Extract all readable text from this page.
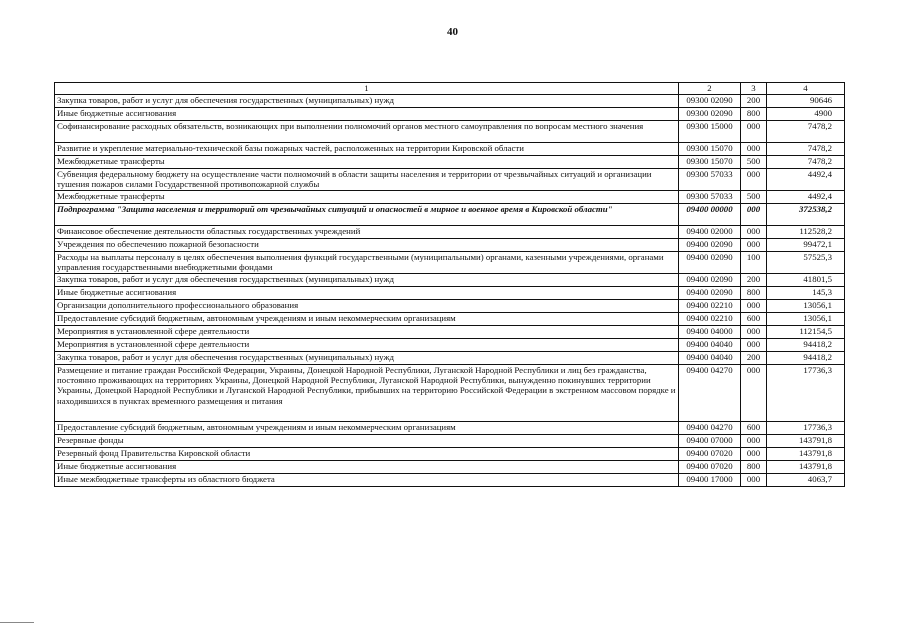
40
1	2	3	4
Закупка товаров, работ и услуг для обеспечения государственных (муниципальных) нужд	09300 02090	200	90646
Иные бюджетные ассигнования	09300 02090	800	4900
Софинансирование расходных обязательств, возникающих при выполнении полномочий органов местного самоуправления по вопросам местного значения	09300 15000	000	7478,2
Развитие и укрепление материально-технической базы пожарных частей, расположенных на территории Кировской области	09300 15070	000	7478,2
Межбюджетные трансферты	09300 15070	500	7478,2
Субвенция федеральному бюджету на осуществление части полномочий в области защиты населения и территории от чрезвычайных ситуаций и организации тушения пожаров силами Государственной противопожарной службы	09300 57033	000	4492,4
Межбюджетные трансферты	09300 57033	500	4492,4
Подпрограмма "Защита населения и территорий от чрезвычайных ситуаций и опасностей в мирное и военное время в Кировской области"	09400 00000	000	372538,2
Финансовое обеспечение деятельности областных государственных учреждений	09400 02000	000	112528,2
Учреждения по обеспечению пожарной безопасности	09400 02090	000	99472,1
Расходы на выплаты персоналу в целях обеспечения выполнения функций государственными (муниципальными) органами, казенными учреждениями, органами управления государственными внебюджетными фондами	09400 02090	100	57525,3
Закупка товаров, работ и услуг для обеспечения государственных (муниципальных) нужд	09400 02090	200	41801,5
Иные бюджетные ассигнования	09400 02090	800	145,3
Организации дополнительного профессионального образования	09400 02210	000	13056,1
Предоставление субсидий бюджетным, автономным учреждениям и иным некоммерческим организациям	09400 02210	600	13056,1
Мероприятия в установленной сфере деятельности	09400 04000	000	112154,5
Мероприятия в установленной сфере деятельности	09400 04040	000	94418,2
Закупка товаров, работ и услуг для обеспечения государственных (муниципальных) нужд	09400 04040	200	94418,2
Размещение и питание граждан Российской Федерации, Украины, Донецкой Народной Республики, Луганской Народной Республики и лиц без гражданства, постоянно проживающих на территориях Украины, Донецкой Народной Республики, Луганской Народной Республики, вынужденно покинувших территории Украины, Донецкой Народной Республики и Луганской Народной Республики, прибывших на территорию Российской Федерации в экстренном массовом порядке и находившихся в пунктах временного размещения и питания	09400 04270	000	17736,3
Предоставление субсидий бюджетным, автономным учреждениям и иным некоммерческим организациям	09400 04270	600	17736,3
Резервные фонды	09400 07000	000	143791,8
Резервный фонд Правительства Кировской области	09400 07020	000	143791,8
Иные бюджетные ассигнования	09400 07020	800	143791,8
Иные межбюджетные трансферты из областного бюджета	09400 17000	000	4063,7
